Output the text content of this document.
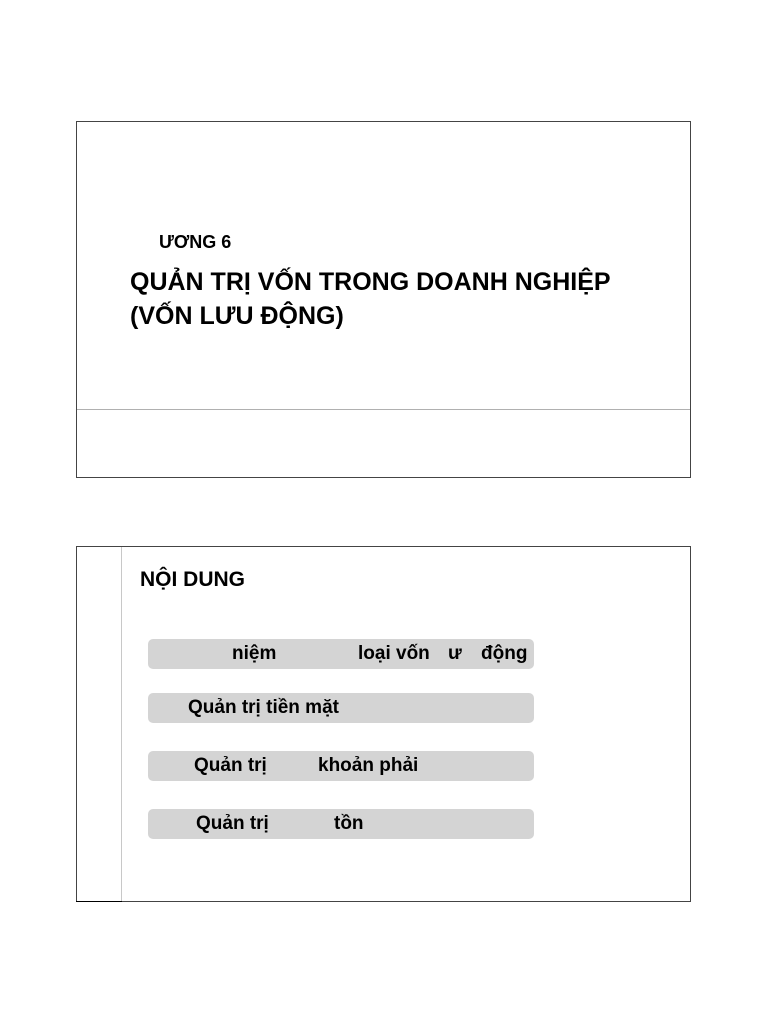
ƯƠNG 6
QUẢN TRỊ VỐN TRONG DOANH NGHIỆP
(VỐN LƯU ĐỘNG)
NỘI DUNG
niệm	loại vốn ư động
Quản trị tiền mặt
Quản trị	khoản phải
Quản trị	tồn
